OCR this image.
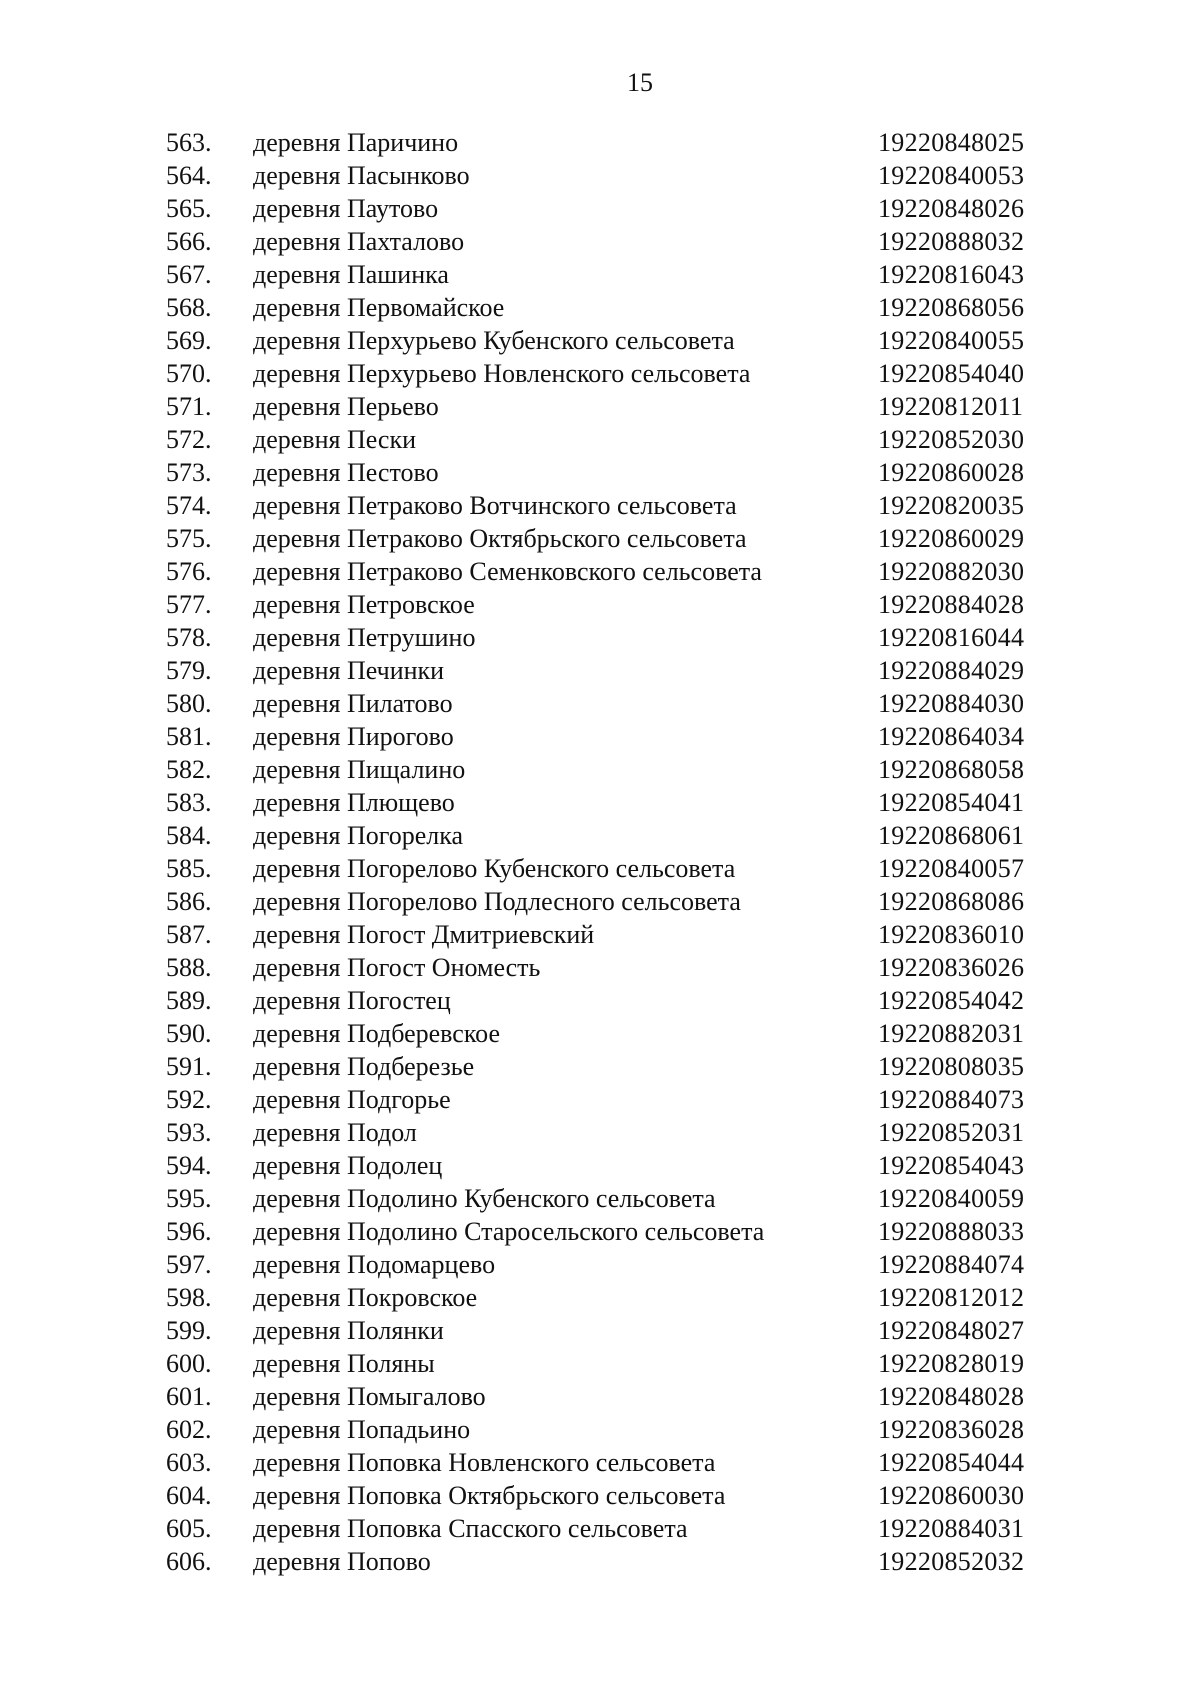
15
563. деревня Паричино	19220848025
564. деревня Пасынково	19220840053
565. деревня Паутово	19220848026
566. деревня Пахталово	19220888032
567. деревня Пашинка	19220816043
568. деревня Первомайское	19220868056
569. деревня Перхурьево Кубенского сельсовета	19220840055
570. деревня Перхурьево Новленского сельсовета	19220854040
571. деревня Перьево	19220812011
572. деревня Пески	19220852030
573. деревня Пестово	19220860028
574. деревня Петраково Вотчинского сельсовета	19220820035
575. деревня Петраково Октябрьского сельсовета	19220860029
576. деревня Петраково Семенковского сельсовета	19220882030
577. деревня Петровское	19220884028
578. деревня Петрушино	19220816044
579. деревня Печинки	19220884029
580. деревня Пилатово	19220884030
581. деревня Пирогово	19220864034
582. деревня Пищалино	19220868058
583. деревня Плющево	19220854041
584. деревня Погорелка	19220868061
585. деревня Погорелово Кубенского сельсовета	19220840057
586. деревня Погорелово Подлесного сельсовета	19220868086
587. деревня Погост Дмитриевский	19220836010
588. деревня Погост Ономесть	19220836026
589. деревня Погостец	19220854042
590. деревня Подберевское	19220882031
591. деревня Подберезье	19220808035
592. деревня Подгорье	19220884073
593. деревня Подол	19220852031
594. деревня Подолец	19220854043
595. деревня Подолино Кубенского сельсовета	19220840059
596. деревня Подолино Старосельского сельсовета	19220888033
597. деревня Подомарцево	19220884074
598. деревня Покровское	19220812012
599. деревня Полянки	19220848027
600. деревня Поляны	19220828019
601. деревня Помыгалово	19220848028
602. деревня Попадьино	19220836028
603. деревня Поповка Новленского сельсовета	19220854044
604. деревня Поповка Октябрьского сельсовета	19220860030
605. деревня Поповка Спасского сельсовета	19220884031
606. деревня Попово	19220852032
